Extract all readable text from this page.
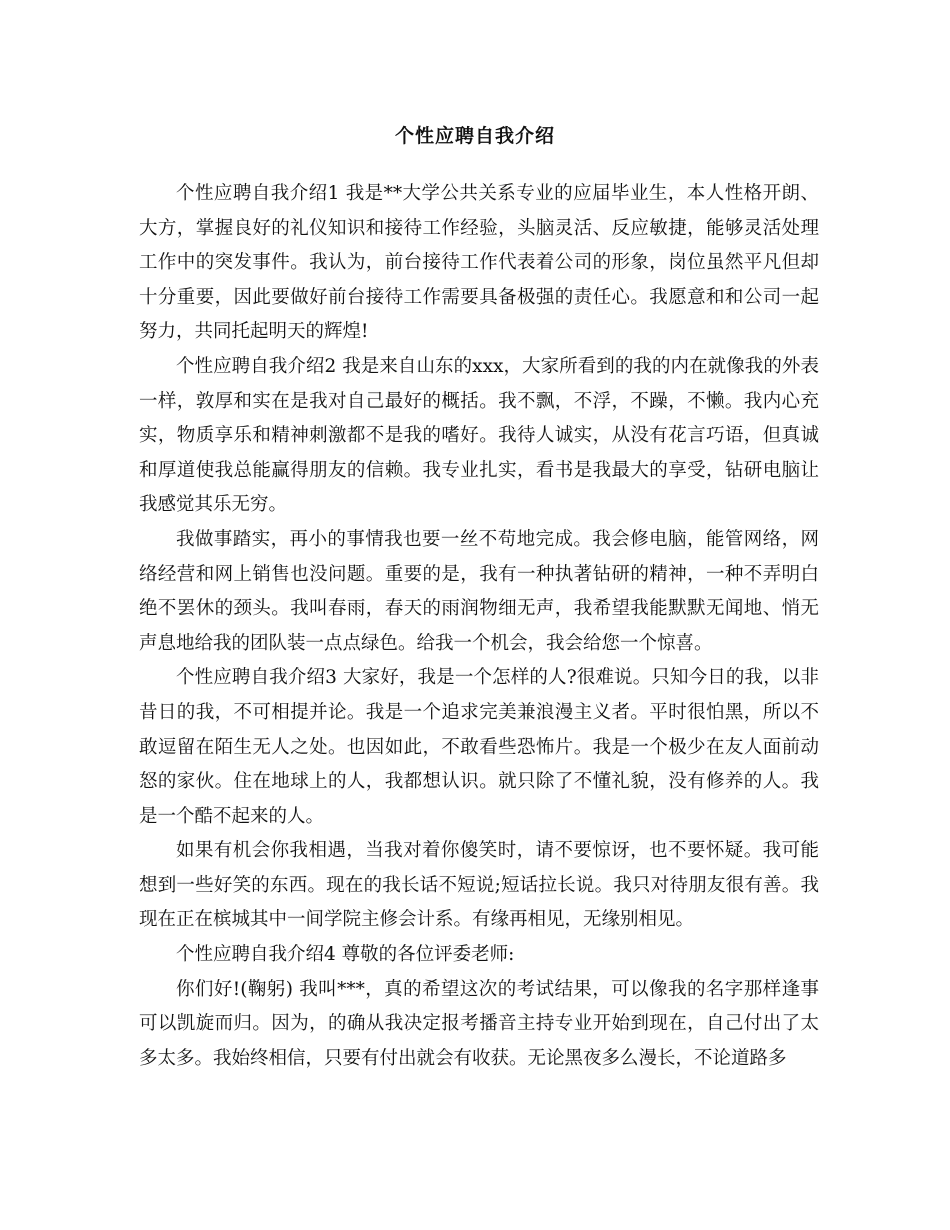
个性应聘自我介绍

个性应聘自我介绍1 我是**大学公共关系专业的应届毕业生，本人性格开朗、大方，掌握良好的礼仪知识和接待工作经验，头脑灵活、反应敏捷，能够灵活处理工作中的突发事件。我认为，前台接待工作代表着公司的形象，岗位虽然平凡但却十分重要，因此要做好前台接待工作需要具备极强的责任心。我愿意和和公司一起努力，共同托起明天的辉煌!

个性应聘自我介绍2 我是来自山东的xxx，大家所看到的我的内在就像我的外表一样，敦厚和实在是我对自己最好的概括。我不飘，不浮，不躁，不懒。我内心充实，物质享乐和精神刺激都不是我的嗜好。我待人诚实，从没有花言巧语，但真诚和厚道使我总能赢得朋友的信赖。我专业扎实，看书是我最大的享受，钻研电脑让我感觉其乐无穷。

我做事踏实，再小的事情我也要一丝不苟地完成。我会修电脑，能管网络，网络经营和网上销售也没问题。重要的是，我有一种执著钻研的精神，一种不弄明白绝不罢休的颈头。我叫春雨，春天的雨润物细无声，我希望我能默默无闻地、悄无声息地给我的团队装一点点绿色。给我一个机会，我会给您一个惊喜。

个性应聘自我介绍3 大家好，我是一个怎样的人?很难说。只知今日的我，以非昔日的我，不可相提并论。我是一个追求完美兼浪漫主义者。平时很怕黑，所以不敢逗留在陌生无人之处。也因如此，不敢看些恐怖片。我是一个极少在友人面前动怒的家伙。住在地球上的人，我都想认识。就只除了不懂礼貌，没有修养的人。我是一个酷不起来的人。

如果有机会你我相遇，当我对着你傻笑时，请不要惊讶，也不要怀疑。我可能想到一些好笑的东西。现在的我长话不短说;短话拉长说。我只对待朋友很有善。我现在正在槟城其中一间学院主修会计系。有缘再相见，无缘别相见。

个性应聘自我介绍4 尊敬的各位评委老师:

你们好!(鞠躬) 我叫***，真的希望这次的考试结果，可以像我的名字那样逢事可以凯旋而归。因为，的确从我决定报考播音主持专业开始到现在，自己付出了太多太多。我始终相信，只要有付出就会有收获。无论黑夜多么漫长，不论道路多
